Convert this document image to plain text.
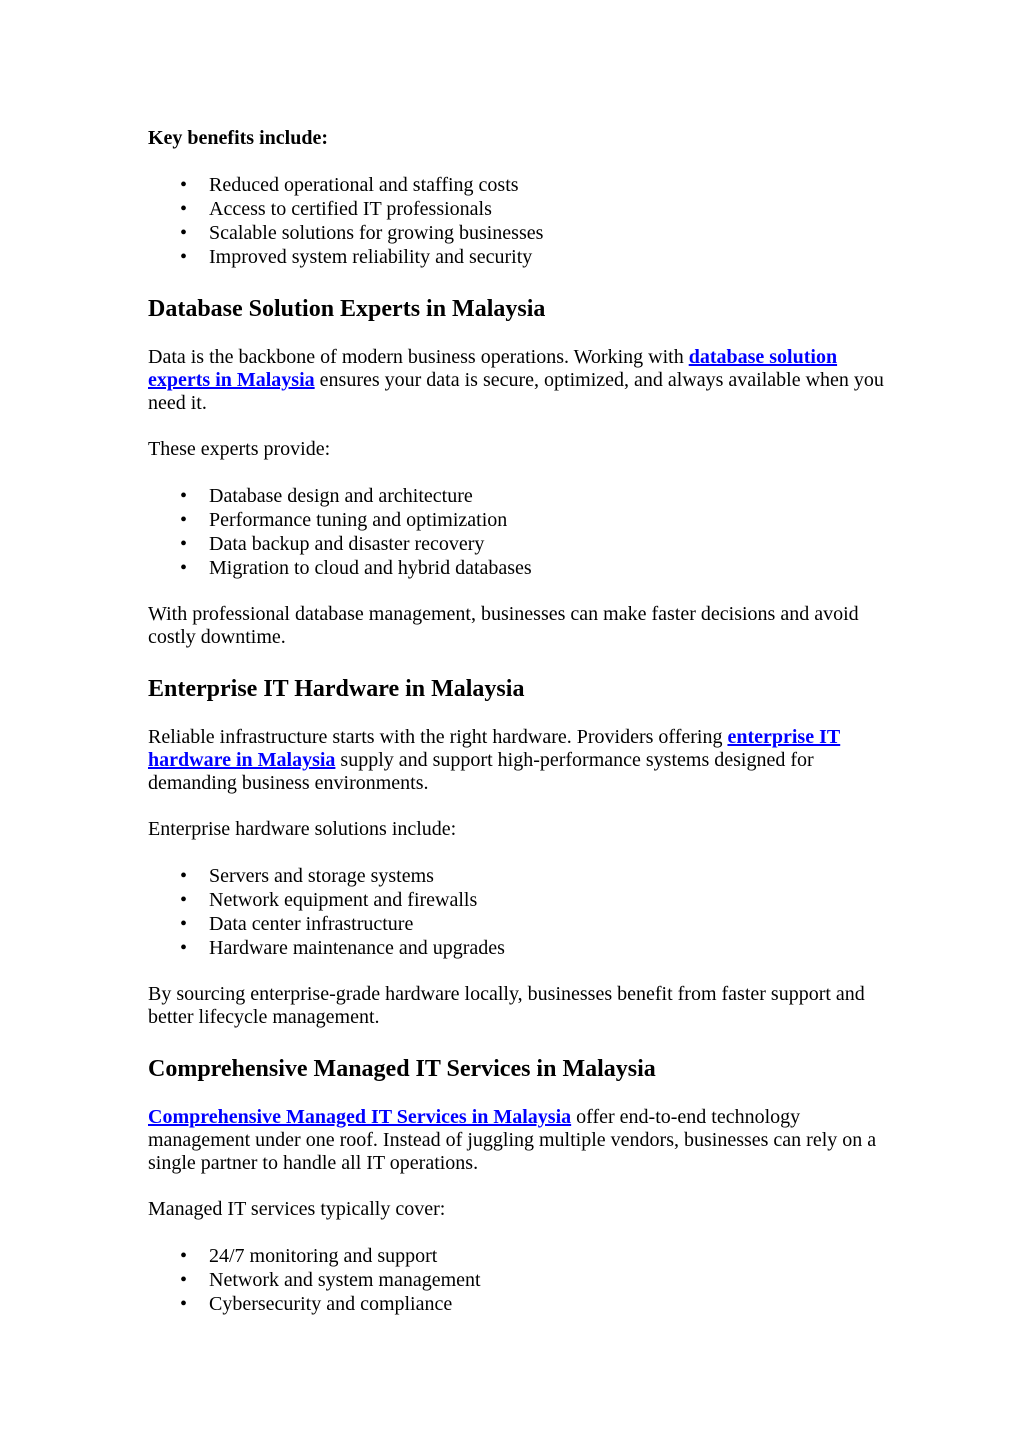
Key benefits include:

• Reduced operational and staffing costs
• Access to certified IT professionals
• Scalable solutions for growing businesses
• Improved system reliability and security
Database Solution Experts in Malaysia

Data is the backbone of modern business operations. Working with database solution experts in Malaysia ensures your data is secure, optimized, and always available when you need it.

These experts provide:

• Database design and architecture
• Performance tuning and optimization
• Data backup and disaster recovery
• Migration to cloud and hybrid databases

With professional database management, businesses can make faster decisions and avoid costly downtime.

Enterprise IT Hardware in Malaysia

Reliable infrastructure starts with the right hardware. Providers offering enterprise IT hardware in Malaysia supply and support high-performance systems designed for demanding business environments.

Enterprise hardware solutions include:

• Servers and storage systems
• Network equipment and firewalls
• Data center infrastructure
• Hardware maintenance and upgrades

By sourcing enterprise-grade hardware locally, businesses benefit from faster support and better lifecycle management.

Comprehensive Managed IT Services in Malaysia

Comprehensive Managed IT Services in Malaysia offer end-to-end technology management under one roof. Instead of juggling multiple vendors, businesses can rely on a single partner to handle all IT operations.

Managed IT services typically cover:

• 24/7 monitoring and support
• Network and system management
• Cybersecurity and compliance
